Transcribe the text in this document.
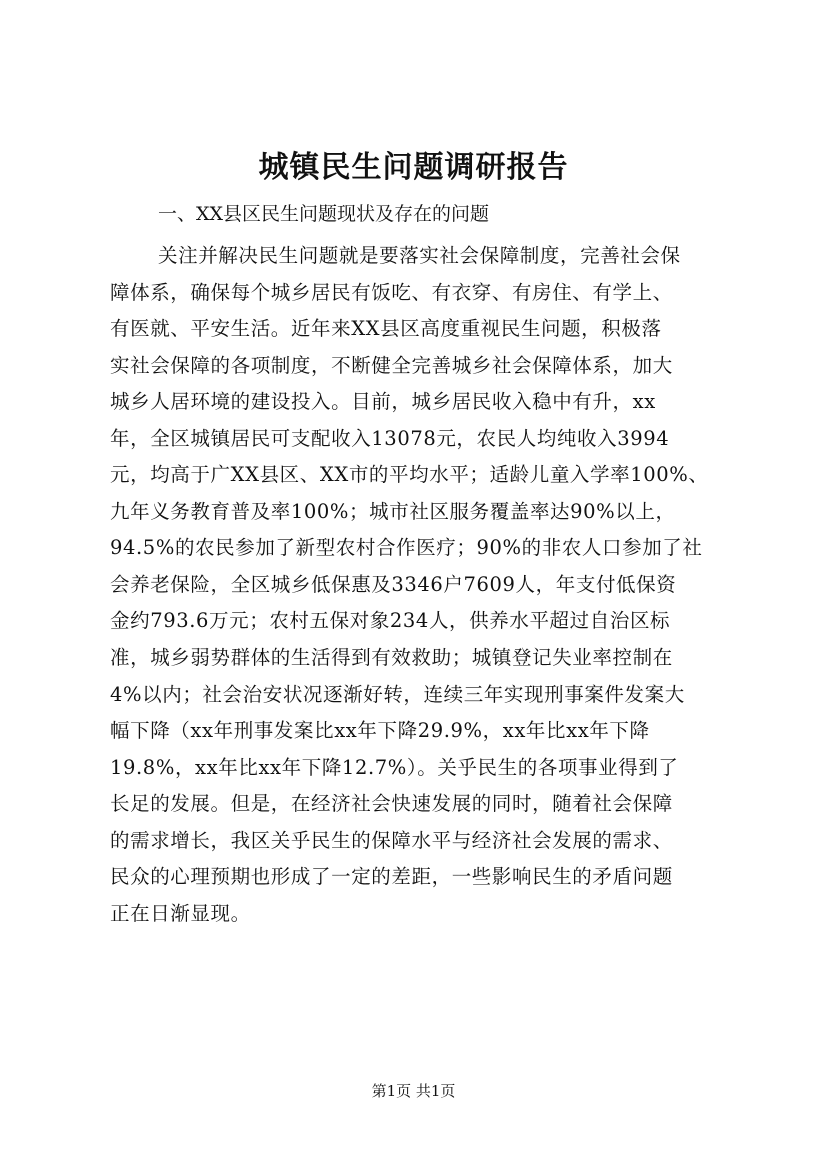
城镇民生问题调研报告
一、XX县区民生问题现状及存在的问题
关注并解决民生问题就是要落实社会保障制度，完善社会保
障体系，确保每个城乡居民有饭吃、有衣穿、有房住、有学上、
有医就、平安生活。近年来XX县区高度重视民生问题，积极落
实社会保障的各项制度，不断健全完善城乡社会保障体系，加大
城乡人居环境的建设投入。目前，城乡居民收入稳中有升，xx
年，全区城镇居民可支配收入13078元，农民人均纯收入3994
元，均高于广XX县区、XX市的平均水平；适龄儿童入学率100%、
九年义务教育普及率100%；城市社区服务覆盖率达90%以上，
94.5%的农民参加了新型农村合作医疗；90%的非农人口参加了社
会养老保险，全区城乡低保惠及3346户7609人，年支付低保资
金约793.6万元；农村五保对象234人，供养水平超过自治区标
准，城乡弱势群体的生活得到有效救助；城镇登记失业率控制在
4%以内；社会治安状况逐渐好转，连续三年实现刑事案件发案大
幅下降（xx年刑事发案比xx年下降29.9%，xx年比xx年下降
19.8%，xx年比xx年下降12.7%）。关乎民生的各项事业得到了
长足的发展。但是，在经济社会快速发展的同时，随着社会保障
的需求增长，我区关乎民生的保障水平与经济社会发展的需求、
民众的心理预期也形成了一定的差距，一些影响民生的矛盾问题
正在日渐显现。
第1页 共1页
